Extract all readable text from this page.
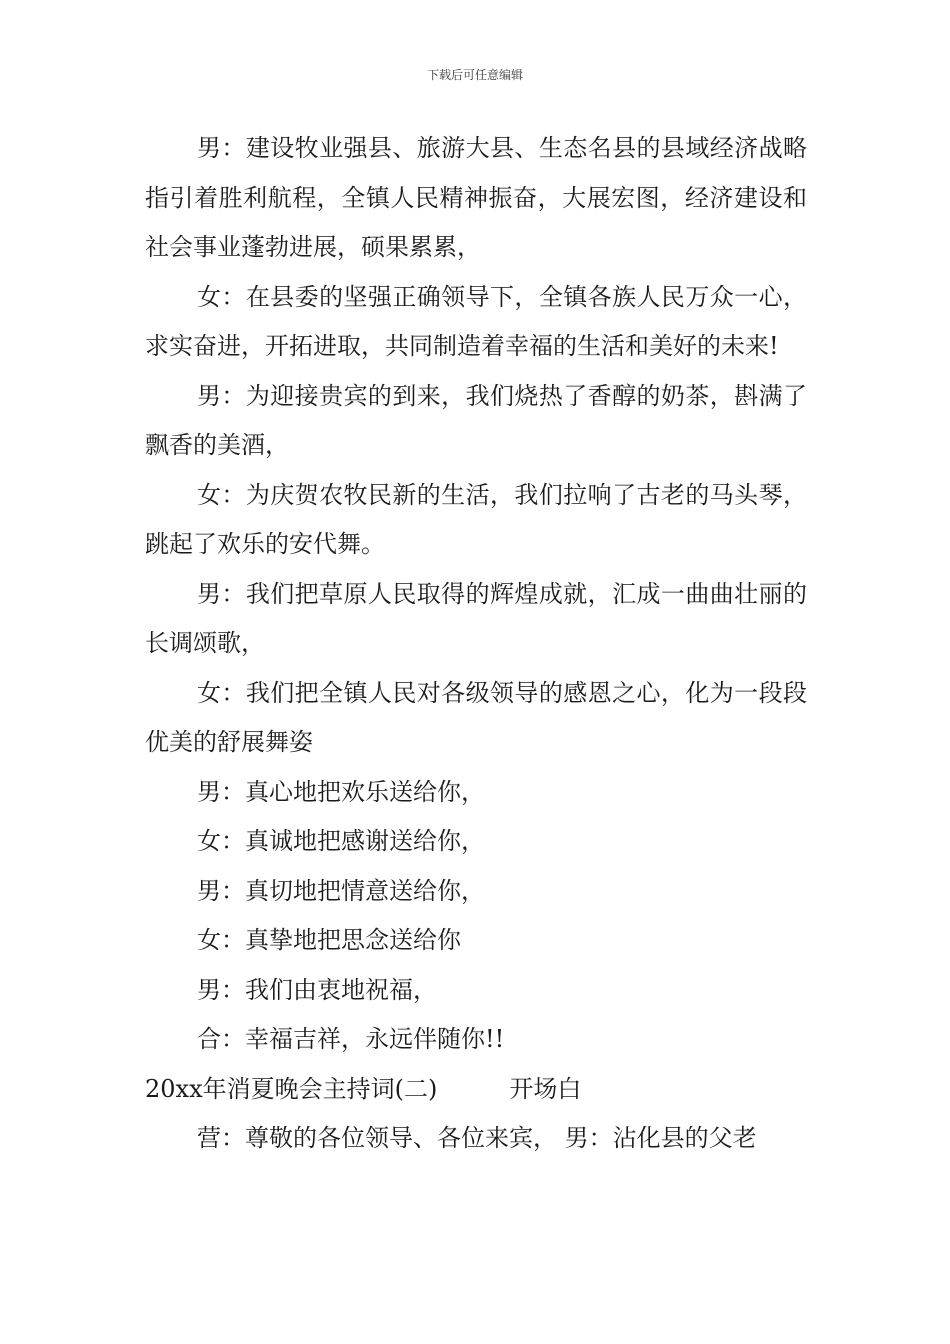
下载后可任意编辑

男：建设牧业强县、旅游大县、生态名县的县域经济战略指引着胜利航程，全镇人民精神振奋，大展宏图，经济建设和社会事业蓬勃进展，硕果累累，

女：在县委的坚强正确领导下，全镇各族人民万众一心，求实奋进，开拓进取，共同制造着幸福的生活和美好的未来!

男：为迎接贵宾的到来，我们烧热了香醇的奶茶，斟满了飘香的美酒，

女：为庆贺农牧民新的生活，我们拉响了古老的马头琴，跳起了欢乐的安代舞。

男：我们把草原人民取得的辉煌成就，汇成一曲曲壮丽的长调颂歌，

女：我们把全镇人民对各级领导的感恩之心，化为一段段优美的舒展舞姿

男：真心地把欢乐送给你，

女：真诚地把感谢送给你，

男：真切地把情意送给你，

女：真挚地把思念送给你

男：我们由衷地祝福，

合：幸福吉祥，永远伴随你!!

20xx年消夏晚会主持词(二)	开场白

营：尊敬的各位领导、各位来宾， 男：沾化县的父老
